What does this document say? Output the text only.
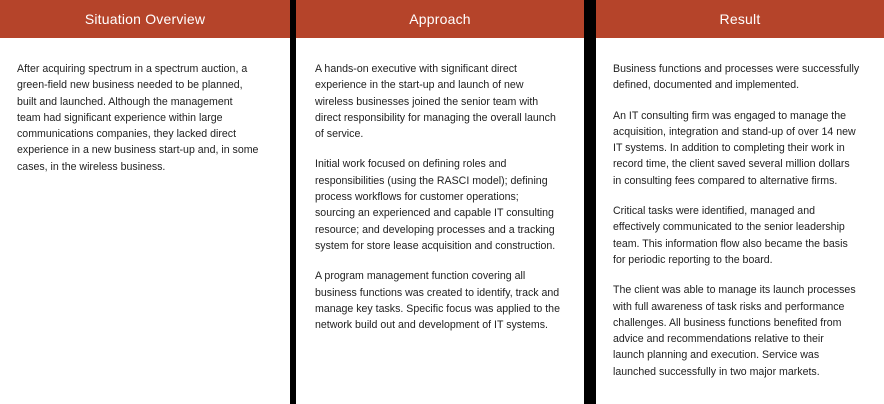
Situation Overview

After acquiring spectrum in a spectrum auction, a
green-field new business needed to be planned,
built and launched. Although the management
team had significant experience within large
communications companies, they lacked direct
experience in a new business start-up and, in some
cases, in the wireless business.

Approach

A hands-on executive with significant direct
experience in the start-up and launch of new
wireless businesses joined the senior team with
direct responsibility for managing the overall launch
of service.

Initial work focused on defining roles and
responsibilities (using the RASCI model); defining
process workflows for customer operations;
sourcing an experienced and capable IT consulting
resource; and developing processes and a tracking
system for store lease acquisition and construction.

A program management function covering all
business functions was created to identify, track and
manage key tasks. Specific focus was applied to the
network build out and development of IT systems.

Result

Business functions and processes were successfully
defined, documented and implemented.

An IT consulting firm was engaged to manage the
acquisition, integration and stand-up of over 14 new
IT systems. In addition to completing their work in
record time, the client saved several million dollars
in consulting fees compared to alternative firms.

Critical tasks were identified, managed and
effectively communicated to the senior leadership
team. This information flow also became the basis
for periodic reporting to the board.

The client was able to manage its launch processes
with full awareness of task risks and performance
challenges. All business functions benefited from
advice and recommendations relative to their
launch planning and execution. Service was
launched successfully in two major markets.
